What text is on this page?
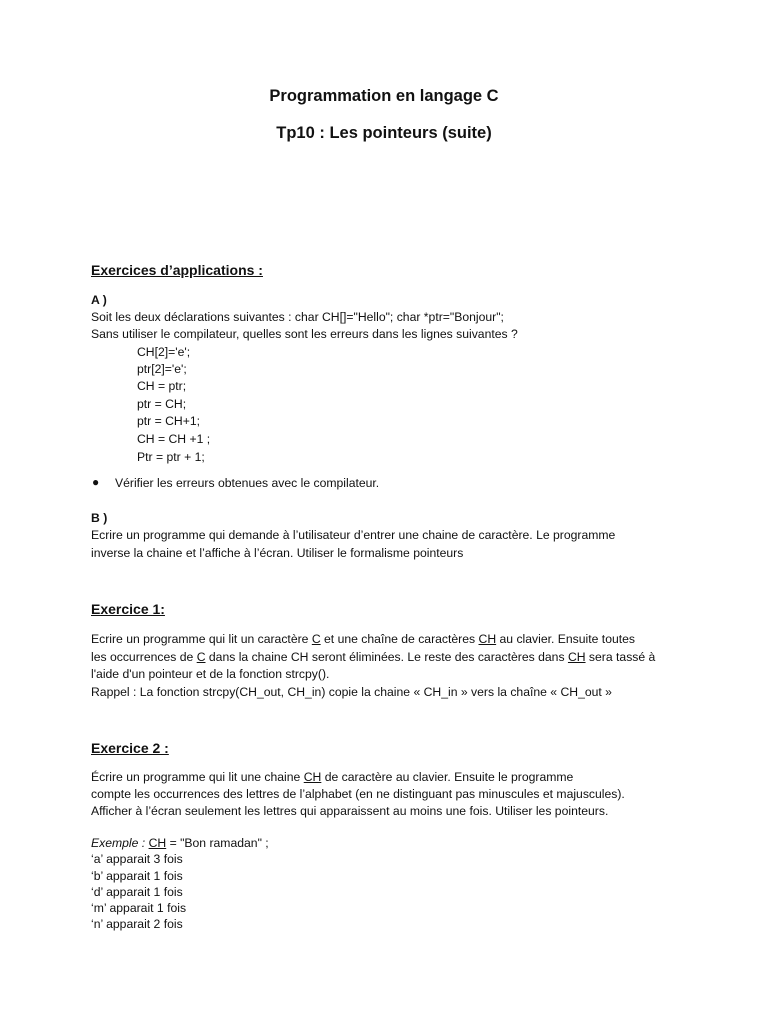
Programmation en langage C
Tp10 : Les pointeurs (suite)
Exercices d’applications :
A )
Soit les deux déclarations suivantes : char CH[]="Hello"; char *ptr="Bonjour";
Sans utiliser le compilateur, quelles sont les erreurs dans les lignes suivantes ?
CH[2]='e';
ptr[2]='e';
CH = ptr;
ptr = CH;
ptr = CH+1;
CH = CH +1 ;
Ptr = ptr + 1;
● Vérifier les erreurs obtenues avec le compilateur.
B )
Ecrire un programme qui demande à l’utilisateur d’entrer une chaine de caractère. Le programme
inverse la chaine et l’affiche à l’écran. Utiliser le formalisme pointeurs
Exercice 1:
Ecrire un programme qui lit un caractère C et une chaîne de caractères CH au clavier. Ensuite toutes
les occurrences de C dans la chaine CH seront éliminées. Le reste des caractères dans CH sera tassé à
l'aide d'un pointeur et de la fonction strcpy().
Rappel : La fonction strcpy(CH_out, CH_in) copie la chaine « CH_in » vers la chaîne « CH_out »
Exercice 2 :
Écrire un programme qui lit une chaine CH de caractère au clavier. Ensuite le programme
compte les occurrences des lettres de l’alphabet (en ne distinguant pas minuscules et majuscules).
Afficher à l’écran seulement les lettres qui apparaissent au moins une fois. Utiliser les pointeurs.
Exemple : CH = "Bon ramadan" ;
‘a’ apparait 3 fois
‘b’ apparait 1 fois
‘d’ apparait 1 fois
‘m’ apparait 1 fois
‘n’ apparait 2 fois
